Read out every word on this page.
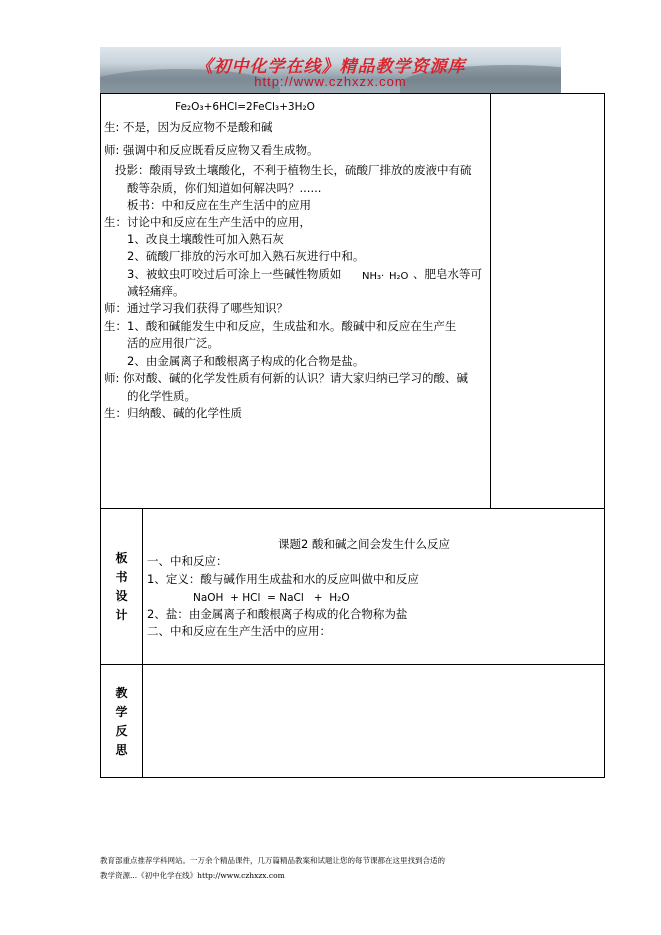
《初中化学在线》精品教学资源库
http://www.czhxzx.com
Fe₂O₃+6HCl=2FeCl₃+3H₂O
生: 不是，因为反应物不是酸和碱
师: 强调中和反应既看反应物又看生成物。
投影：酸雨导致土壤酸化，不利于植物生长，硫酸厂排放的废液中有硫
酸等杂质，你们知道如何解决吗？......
板书：中和反应在生产生活中的应用
生：讨论中和反应在生产生活中的应用，
1、改良土壤酸性可加入熟石灰
2、硫酸厂排放的污水可加入熟石灰进行中和。
3、被蚊虫叮咬过后可涂上一些碱性物质如 NH₃· H₂O 、肥皂水等可
减轻痛痒。
师：通过学习我们获得了哪些知识？
生：1、酸和碱能发生中和反应，生成盐和水。酸碱中和反应在生产生
活的应用很广泛。
2、由金属离子和酸根离子构成的化合物是盐。
师: 你对酸、碱的化学发性质有何新的认识？请大家归纳已学习的酸、碱
的化学性质。
生：归纳酸、碱的化学性质
板
书
设
计
课题2 酸和碱之间会发生什么反应
一、中和反应：
1、定义：酸与碱作用生成盐和水的反应叫做中和反应
NaOH  + HCl  = NaCl   +  H₂O
2、盐：由金属离子和酸根离子构成的化合物称为盐
二、中和反应在生产生活中的应用：
教
学
反
思
教育部重点推荐学科网站。一万余个精品课件，几万篇精品教案和试题让您的每节课都在这里找到合适的
教学资源...《初中化学在线》http://www.czhxzx.com
